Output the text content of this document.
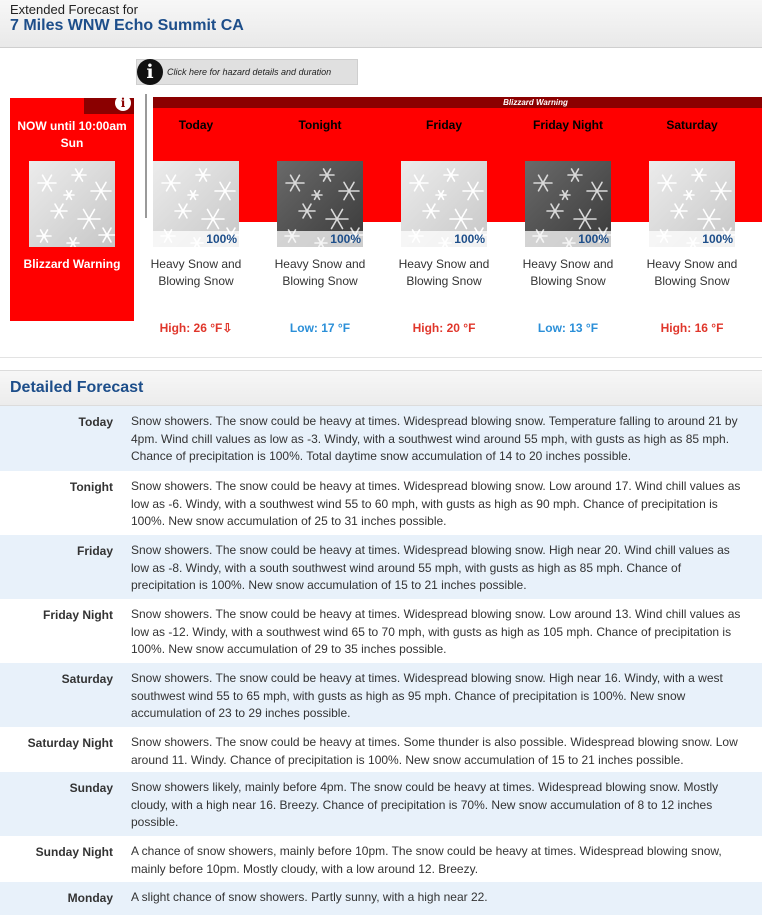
Extended Forecast for
7 Miles WNW Echo Summit CA
i	Click here for hazard details and duration
i
NOW until 10:00am Sun
Blizzard Warning
Blizzard Warning
Today
100%
Heavy Snow and Blowing Snow
High: 26 °F⇩
Tonight
100%
Heavy Snow and Blowing Snow
Low: 17 °F
Friday
100%
Heavy Snow and Blowing Snow
High: 20 °F
Friday Night
100%
Heavy Snow and Blowing Snow
Low: 13 °F
Saturday
100%
Heavy Snow and Blowing Snow
High: 16 °F
Detailed Forecast
Today Snow showers. The snow could be heavy at times. Widespread blowing snow. Temperature falling to around 21 by 4pm. Wind chill values as low as -3. Windy, with a southwest wind around 55 mph, with gusts as high as 85 mph. Chance of precipitation is 100%. Total daytime snow accumulation of 14 to 20 inches possible.
Tonight Snow showers. The snow could be heavy at times. Widespread blowing snow. Low around 17. Wind chill values as low as -6. Windy, with a southwest wind 55 to 60 mph, with gusts as high as 90 mph. Chance of precipitation is 100%. New snow accumulation of 25 to 31 inches possible.
Friday Snow showers. The snow could be heavy at times. Widespread blowing snow. High near 20. Wind chill values as low as -8. Windy, with a south southwest wind around 55 mph, with gusts as high as 85 mph. Chance of precipitation is 100%. New snow accumulation of 15 to 21 inches possible.
Friday Night Snow showers. The snow could be heavy at times. Widespread blowing snow. Low around 13. Wind chill values as low as -12. Windy, with a southwest wind 65 to 70 mph, with gusts as high as 105 mph. Chance of precipitation is 100%. New snow accumulation of 29 to 35 inches possible.
Saturday Snow showers. The snow could be heavy at times. Widespread blowing snow. High near 16. Windy, with a west southwest wind 55 to 65 mph, with gusts as high as 95 mph. Chance of precipitation is 100%. New snow accumulation of 23 to 29 inches possible.
Saturday Night Snow showers. The snow could be heavy at times. Some thunder is also possible. Widespread blowing snow. Low around 11. Windy. Chance of precipitation is 100%. New snow accumulation of 15 to 21 inches possible.
Sunday Snow showers likely, mainly before 4pm. The snow could be heavy at times. Widespread blowing snow. Mostly cloudy, with a high near 16. Breezy. Chance of precipitation is 70%. New snow accumulation of 8 to 12 inches possible.
Sunday Night A chance of snow showers, mainly before 10pm. The snow could be heavy at times. Widespread blowing snow, mainly before 10pm. Mostly cloudy, with a low around 12. Breezy.
Monday A slight chance of snow showers. Partly sunny, with a high near 22.
